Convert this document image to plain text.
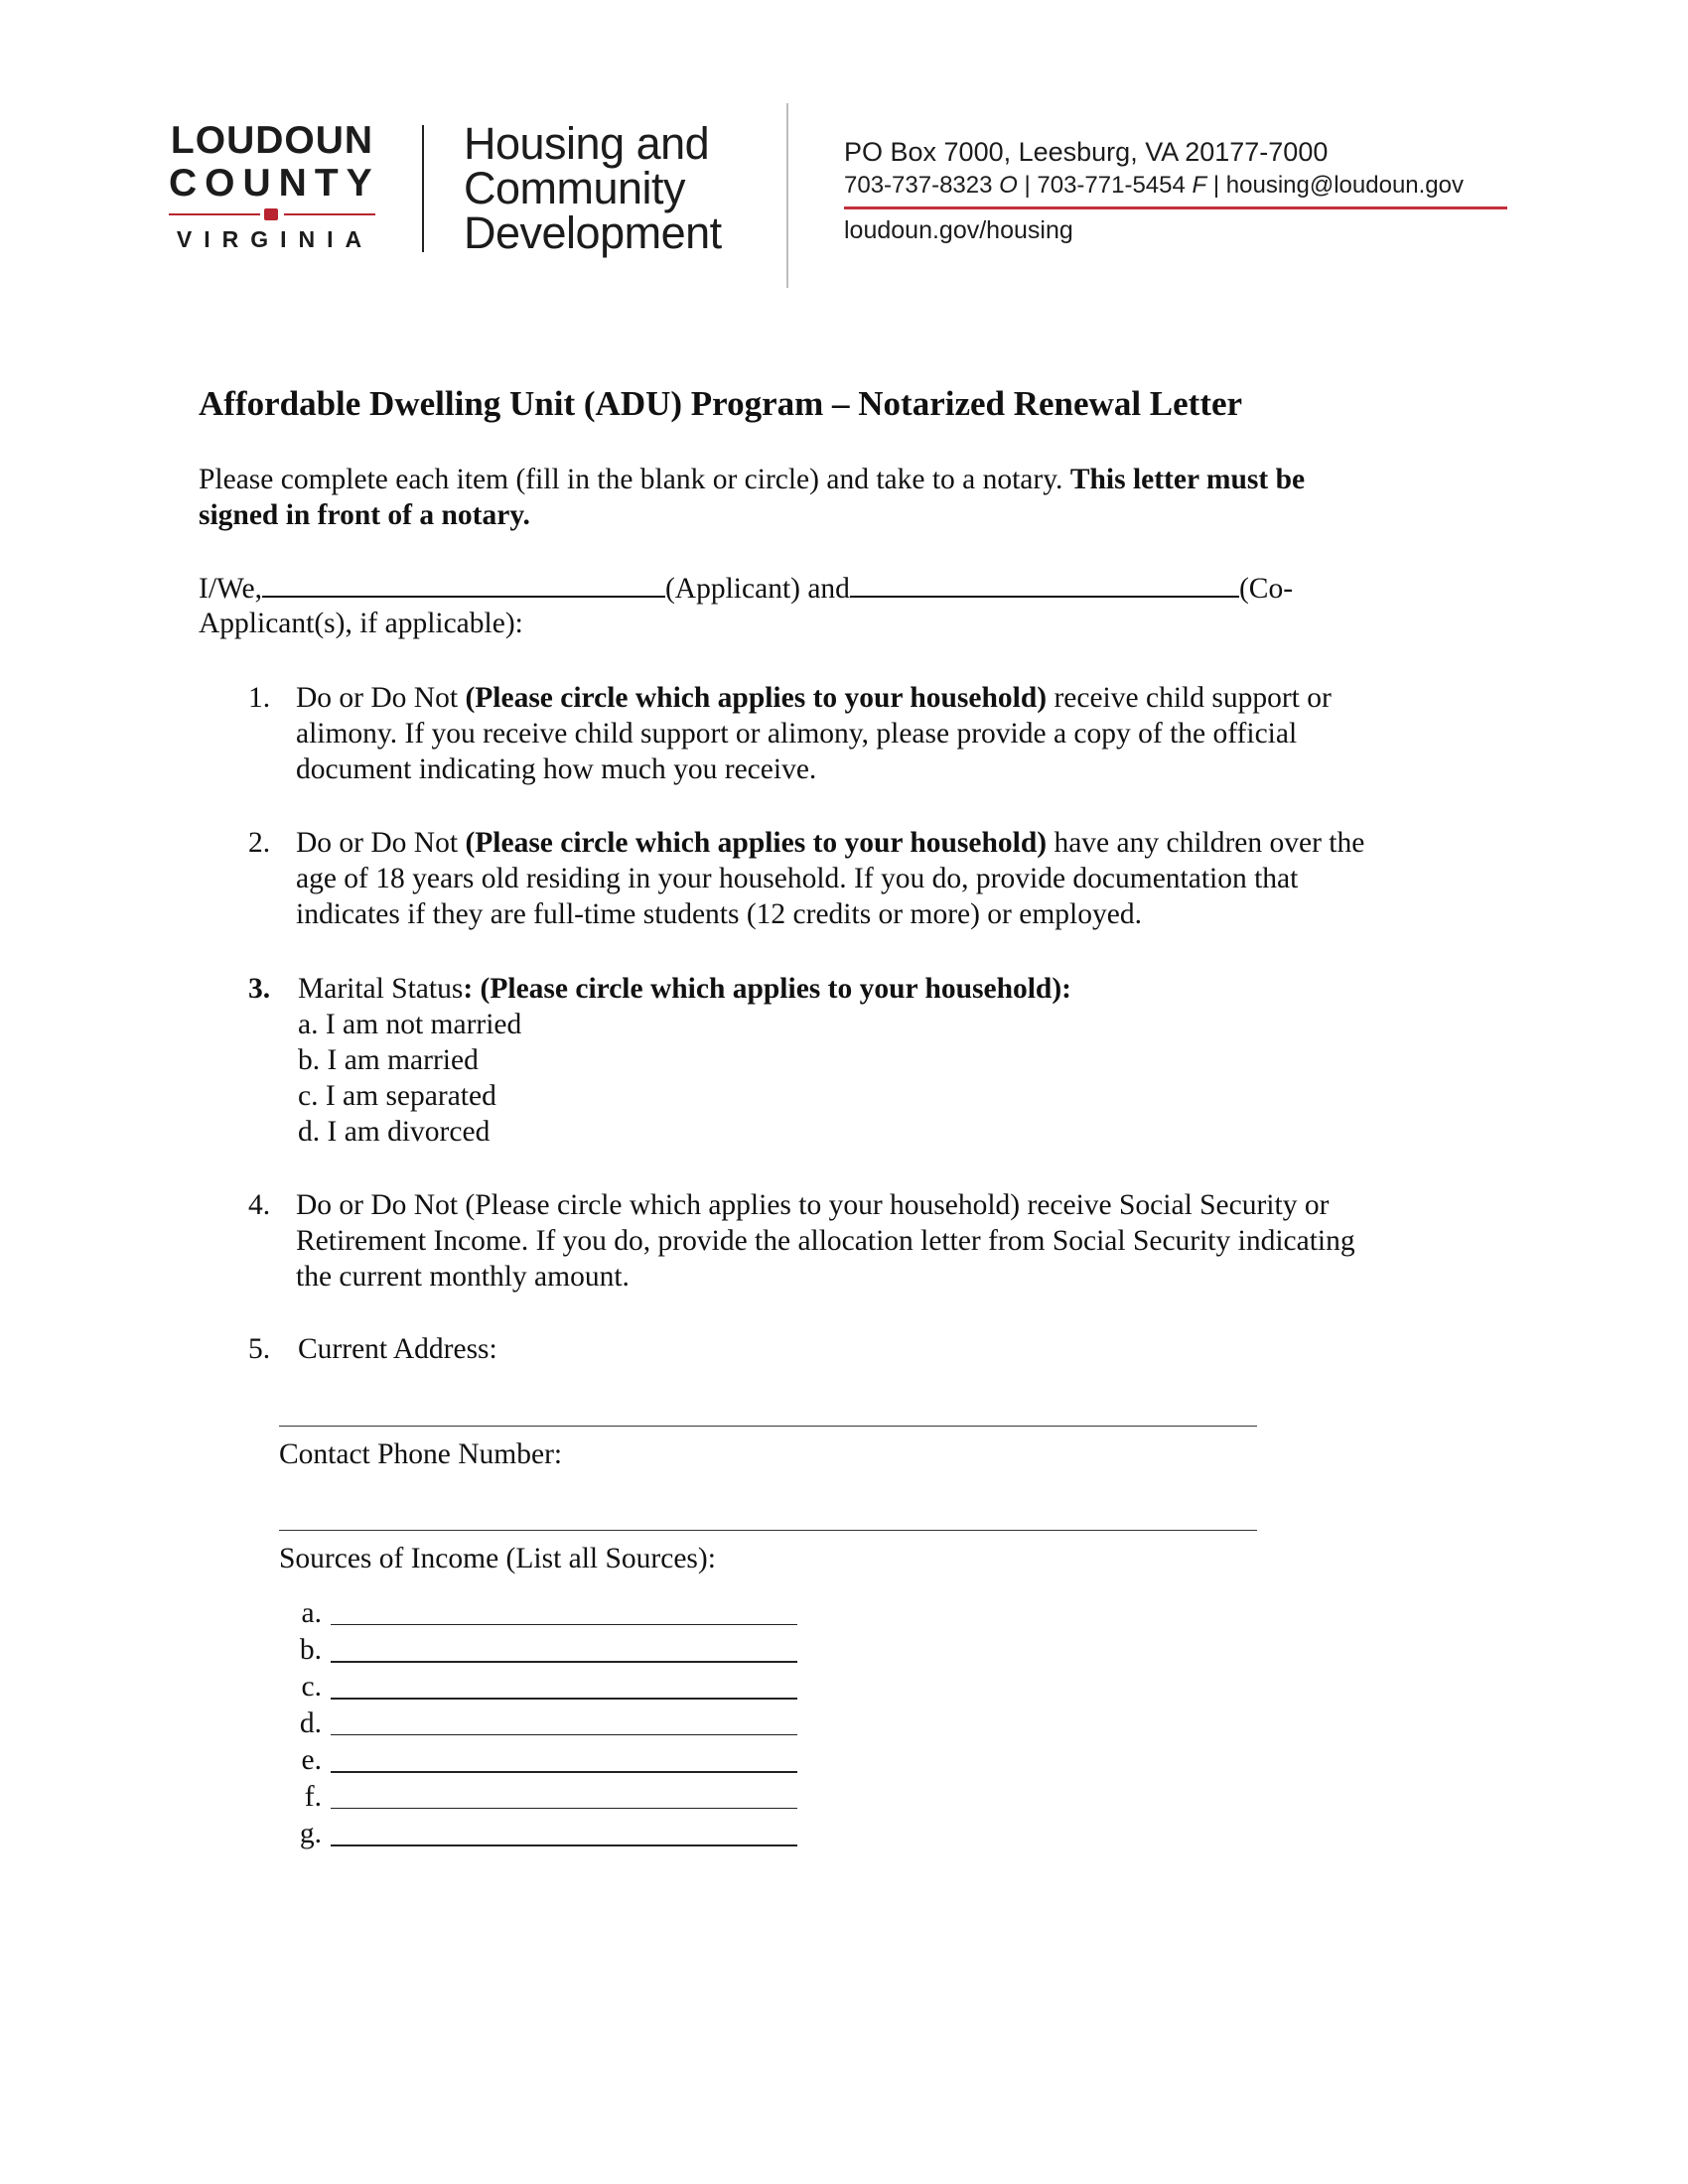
LOUDOUN
COUNTY
VIRGINIA
Housing and
Community
Development
PO Box 7000, Leesburg, VA 20177-7000
703-737-8323 O | 703-771-5454 F | housing@loudoun.gov
loudoun.gov/housing
Affordable Dwelling Unit (ADU) Program – Notarized Renewal Letter
Please complete each item (fill in the blank or circle) and take to a notary. This letter must be
signed in front of a notary.
I/We,	(Applicant) and	(Co-
Applicant(s), if applicable):
1. Do or Do Not (Please circle which applies to your household) receive child support or
alimony. If you receive child support or alimony, please provide a copy of the official
document indicating how much you receive.
2. Do or Do Not (Please circle which applies to your household) have any children over the
age of 18 years old residing in your household. If you do, provide documentation that
indicates if they are full-time students (12 credits or more) or employed.
3. Marital Status: (Please circle which applies to your household):
a. I am not married
b. I am married
c. I am separated
d. I am divorced
4. Do or Do Not (Please circle which applies to your household) receive Social Security or
Retirement Income. If you do, provide the allocation letter from Social Security indicating
the current monthly amount.
5. Current Address:
Contact Phone Number:
Sources of Income (List all Sources):
a.
b.
c.
d.
e.
f.
g.
